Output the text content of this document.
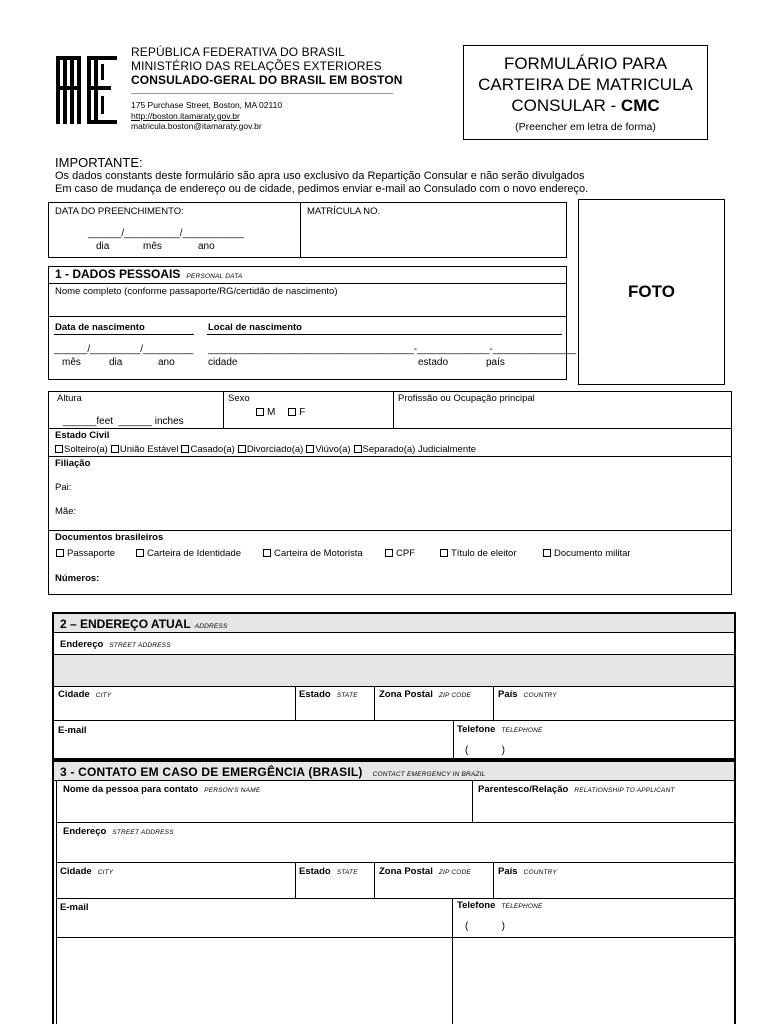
REPÚBLICA FEDERATIVA DO BRASIL
MINISTÉRIO DAS RELAÇÕES EXTERIORES
CONSULADO-GERAL DO BRASIL EM BOSTON
175 Purchase Street, Boston, MA 02110
http://boston.itamaraty.gov.br
matricula.boston@itamaraty.gov.br
FORMULÁRIO PARA
CARTEIRA DE MATRICULA
CONSULAR - CMC
(Preencher em letra de forma)
IMPORTANTE:
Os dados constants deste formulário são apra uso exclusivo da Repartição Consular e não serão divulgados
Em caso de mudança de endereço ou de cidade, pedimos enviar e-mail ao Consulado com o novo endereço.
DATA DO PREENCHIMENTO:
______/__________/___________
dia	mês	ano
MATRÍCULA NO.
FOTO
1 - DADOS PESSOAIS PERSONAL DATA
Nome completo (conforme passaporte/RG/certidão de nascimento)
Data de nascimento	Local de nascimento
______/_________/_________
mês	dia	ano
_____________________________________-_____________-_______________
cidade	estado	país
Altura
______feet  ______ inches
Sexo
M F
Profissão ou Ocupação principal
Estado Civil
Solteiro(a) União Estável Casado(a) Divorciado(a) Viúvo(a) Separado(a) Judicialmente
Filiação
Pai:
Mãe:
Documentos brasileiros
Passaporte	Carteira de Identidade	Carteira de Motorista	CPF	Título de eleitor	Documento militar
Números:
2 – ENDEREÇO ATUAL ADDRESS
Endereço STREET ADDRESS
Cidade CITY	Estado STATE Zona Postal ZIP CODE	País COUNTRY
E-mail	Telefone TELEPHONE
(            )
3 - CONTATO EM CASO DE EMERGÊNCIA (BRASIL) CONTACT EMERGENCY IN BRAZIL
Nome da pessoa para contato PERSON'S NAME	Parentesco/Relação RELATIONSHIP TO APPLICANT
Endereço STREET ADDRESS
Cidade CITY	Estado STATE Zona Postal ZIP CODE	País COUNTRY
E-mail	Telefone TELEPHONE
(            )
